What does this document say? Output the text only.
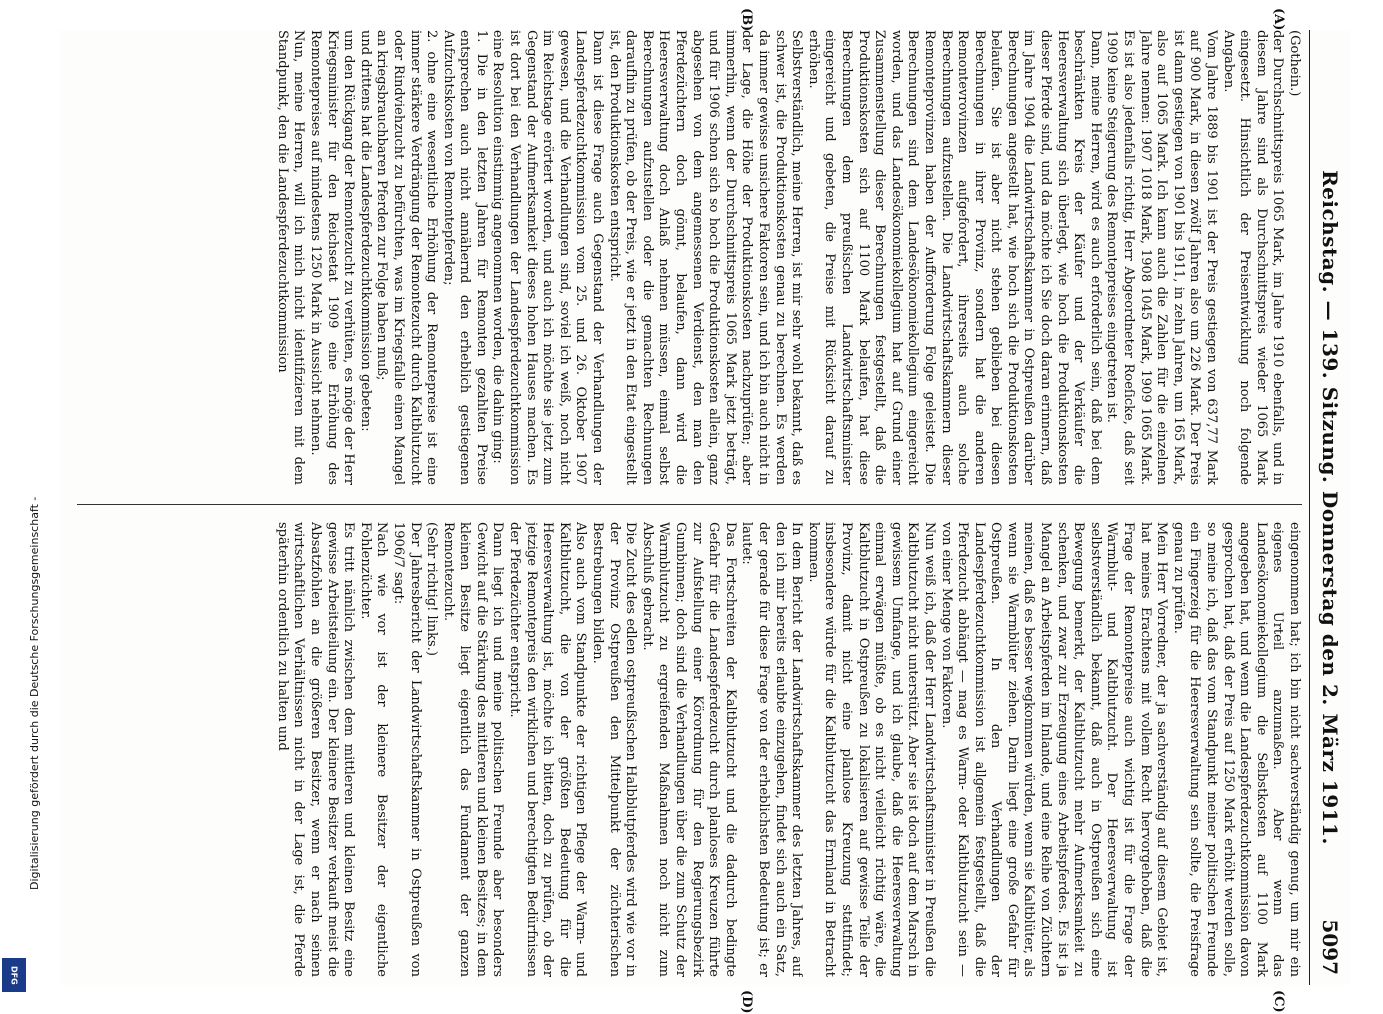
Reichstag. — 139. Sitzung. Donnerstag den 2. März 1911.
5097
(A)
(B)
(C)
(D)
(Gothein.)
der Durchschnittspreis 1065 Mark, im Jahre 1910 ebenfalls, und in diesem Jahre sind als Durchschnittspreis wieder 1065 Mark eingesetzt. Hinsichtlich der Preisentwicklung noch folgende Angaben.
Vom Jahre 1889 bis 1901 ist der Preis gestiegen von 637,77 Mark auf 900 Mark, in diesen zwölf Jahren also um 226 Mark. Der Preis ist dann gestiegen von 1901 bis 1911, in zehn Jahren, um 165 Mark, also auf 1065 Mark. Ich kann auch die Zahlen für die einzelnen Jahre nennen: 1907 1018 Mark, 1908 1045 Mark, 1909 1065 Mark. Es ist also jedenfalls richtig, Herr Abgeordneter Roeſicke, daß seit 1909 keine Steigerung des Remontepreises eingetreten ist.
Dann, meine Herren, wird es auch erforderlich sein, daß bei dem beschränkten Kreis der Käufer und der Verkäufer die Heeresverwaltung sich überlegt, wie hoch die Produktionskosten dieser Pferde sind, und da möchte ich Sie doch daran erinnern, daß im Jahre 1904 die Landwirtschaftskammer in Ostpreußen darüber Berechnungen angestellt hat, wie hoch sich die Produktionskosten belaufen. Sie ist aber nicht stehen geblieben bei diesen Berechnungen in ihrer Provinz, sondern hat die anderen Remontevrovinzen aufgefordert, ihrerseits auch solche Berechnungen aufzustellen. Die Landwirtschaftskammern dieser Remonteprovinzen haben der Aufforderung Folge geleistet. Die Berechnungen sind dem Landesökonomiekollegium eingereicht worden, und das Landesökonomiekollegium hat auf Grund einer Zusammenstellung dieser Berechnungen festgestellt, daß die Produktionskosten sich auf 1100 Mark belaufen, hat diese Berechnungen dem preußischen Landwirtschaftsminister eingereicht und gebeten, die Preise mit Rücksicht darauf zu erhöhen.
Selbstverständlich, meine Herren, ist mir sehr wohl bekannt, daß es schwer ist, die Produktionskosten genau zu berechnen. Es werden da immer gewisse unsichere Faktoren sein, und ich bin auch nicht in der Lage, die Höhe der Produktionskosten nachzuprüfen; aber immerhin, wenn der Durchschnittspreis 1065 Mark jetzt beträgt, und für 1906 schon sich so hoch die Produktionskosten allein, ganz abgesehen von dem angemessenen Verdienst, den man den Pferdezüchtern doch gönnt, belaufen, dann wird die Heeresverwaltung doch Anlaß nehmen müssen, einmal selbst Berechnungen aufzustellen oder die gemachten Rechnungen daraufhin zu prüfen, ob der Preis, wie er jetzt in den Etat eingestellt ist, den Produktionskosten entspricht.
Dann ist diese Frage auch Gegenstand der Verhandlungen der Landespferdezuchtkommission vom 25. und 26. Oktober 1907 gewesen, und die Verhandlungen sind, soviel ich weiß, noch nicht im Reichstage erörtert worden, und auch ich möchte sie jetzt zum Gegenstand der Aufmerksamkeit dieses hohen Hauses machen. Es ist dort bei den Verhandlungen der Landespferdezuchtkommission eine Resolution einstimmig angenommen worden, die dahin ging:
1. Die in den letzten Jahren für Remonten gezahlten Preise entsprechen auch nicht annähernd den erheblich gestiegenen Aufzuchtskosten von Remontepferden;
2. ohne eine wesentliche Erhöhung der Remontepreise ist eine immer stärkere Verdrängung der Remontezucht durch Kaltblutzucht oder Rindviehzucht zu befürchten, was im Kriegsfalle einen Mangel an kriegsbrauchbaren Pferden zur Folge haben muß;
und drittens hat die Landespferdezuchtkommission gebeten:
um den Rückgang der Remontezucht zu verhüten, es möge der Herr Kriegsminister für den Reichsetat 1909 eine Erhöhung des Remontepreises auf mindestens 1250 Mark in Aussicht nehmen.
Nun, meine Herren, will ich mich nicht identifizieren mit dem Standpunkt, den die Landespferdezuchtkommission
eingenommen hat; ich bin nicht sachverständig genug, um mir ein eigenes Urteil anzumaßen. Aber wenn das Landesökonomiekollegium die Selbstkosten auf 1100 Mark angegeben hat, und wenn die Landespferdezuchtkommission davon gesprochen hat, daß der Preis auf 1250 Mark erhöht werden solle, so meine ich, daß das vom Standpunkt meiner politischen Freunde ein Fingerzeig für die Heeresverwaltung sein sollte, die Preisfrage genau zu prüfen.
Mein Herr Vorredner, der ja sachverständig auf diesem Gebiet ist, hat meines Erachtens mit vollem Recht hervorgehoben, daß die Frage der Remontepreise auch wichtig ist für die Frage der Warmblut- und Kaltblutzucht. Der Heeresverwaltung ist selbstverständlich bekannt, daß auch in Ostpreußen sich eine Bewegung bemerkt, der Kaltblutzucht mehr Aufmerksamkeit zu schenken, und zwar zur Erzeugung eines Arbeitspferdes. Es ist ja Mangel an Arbeitspferden im Inlande, und eine Reihe von Züchtern meinen, daß es besser wegkommen würden, wenn sie Kaltblüter, als wenn sie Warmblüter ziehen. Darin liegt eine große Gefahr für Ostpreußen. In den Verhandlungen der Landespferdezuchtkommission ist allgemein festgestellt, daß die Pferdezucht abhängt — mag es Warm- oder Kaltblutzucht sein — von einer Menge von Faktoren.
Nun weiß ich, daß der Herr Landwirtschaftsminister in Preußen die Kaltblutzucht nicht unterstützt. Aber sie ist doch auf dem Marsch in gewissem Umfange, und ich glaube, daß die Heeresverwaltung einmal erwägen müßte, ob es nicht vielleicht richtig wäre, die Kaltblutzucht in Ostpreußen zu lokalisieren auf gewisse Teile der Provinz, damit nicht eine planlose Kreuzung stattfindet; insbesondere würde für die Kaltblutzucht das Ermland in Betracht kommen.
In dem Bericht der Landwirtschaftskammer des letzten Jahres, auf den ich mir bereits erlaubte einzugehen, findet sich auch ein Satz, der gerade für diese Frage von der erheblichsten Bedeutung ist; er lautet:
Das Fortschreiten der Kaltblutzucht und die dadurch bedingte Gefahr für die Landespferdezucht durch planloses Kreuzen führte zur Aufstellung einer Körordnung für den Regierungsbezirk Gumbinnen; doch sind die Verhandlungen über die zum Schutz der Warmblutzucht zu ergreifenden Maßnahmen noch nicht zum Abschluß gebracht.
Die Zucht des edlen ostpreußischen Halbblutpferdes wird wie vor in der Provinz Ostpreußen den Mittelpunkt der züchterischen Bestrebungen bilden.
Also auch vom Standpunkte der richtigen Pflege der Warm- und Kaltblutzucht, die von der größten Bedeutung für die Heeresverwaltung ist, möchte ich bitten, doch zu prüfen, ob der jetzige Remontepreis den wirklichen und berechtigten Bedürfnissen der Pferdezüchter entspricht.
Dann liegt ich und meine politischen Freunde aber besonders Gewicht auf die Stärkung des mittleren und kleinen Besitzes; in dem kleinen Besitze liegt eigentlich das Fundament der ganzen Remontezucht.
(Sehr richtig! links.)
Der Jahresbericht der Landwirtschaftskammer in Ostpreußen von 1906/7 sagt:
Nach wie vor ist der kleinere Besitzer der eigentliche Fohlenzüchter.
Es tritt nämlich zwischen dem mittleren und kleinen Besitz eine gewisse Arbeitsteilung ein. Der kleinere Besitzer verkauft meist die Absatzfohlen an die größeren Besitzer, wenn er nach seinen wirtschaftlichen Verhältnissen nicht in der Lage ist, die Pferde späterhin ordentlich zu halten und
Digitalisierung gefördert durch die Deutsche Forschungsgemeinschaft -
DFG
